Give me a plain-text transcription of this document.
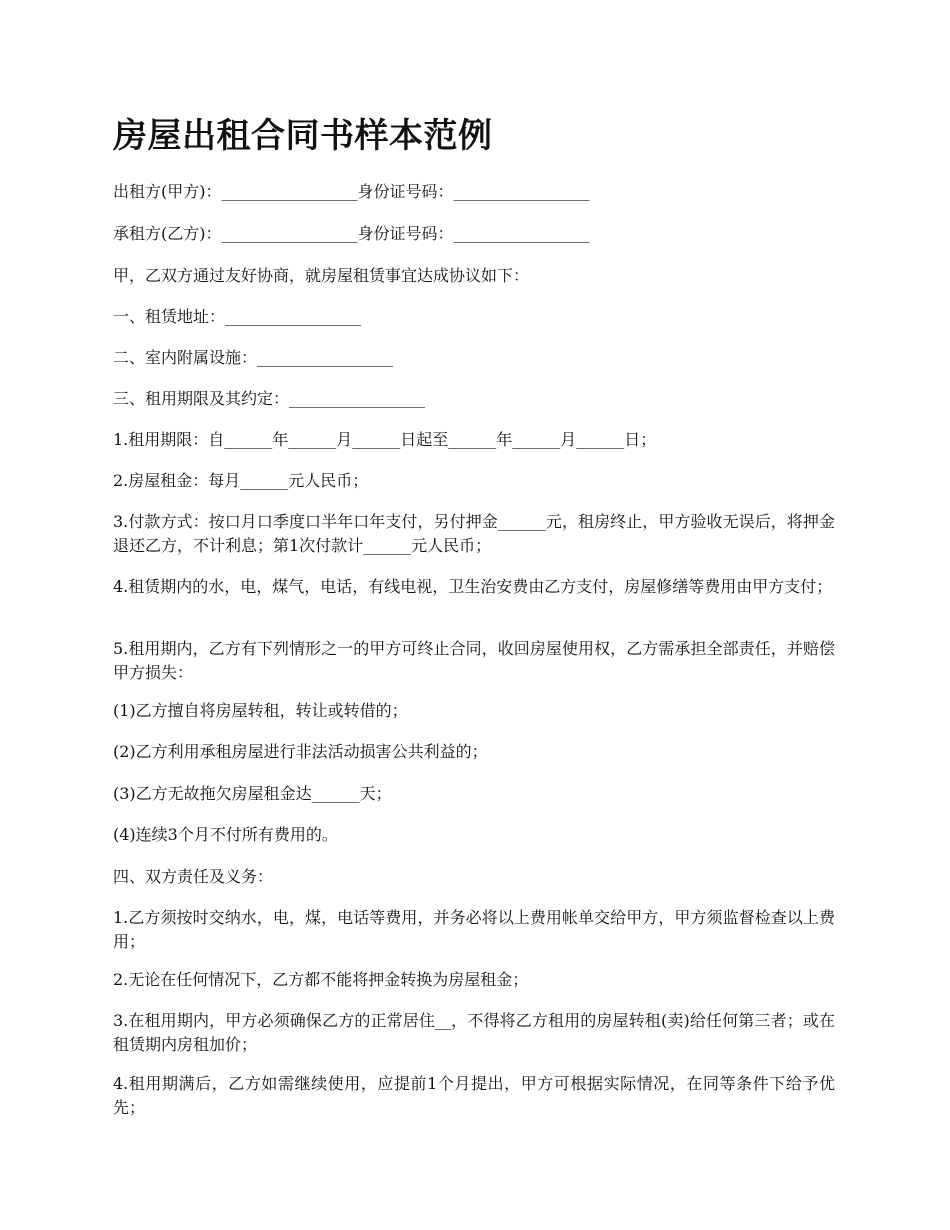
房屋出租合同书样本范例

出租方(甲方)：_________________身份证号码：_________________

承租方(乙方)：_________________身份证号码：_________________

甲，乙双方通过友好协商，就房屋租赁事宜达成协议如下：

一、租赁地址：_________________

二、室内附属设施：_________________

三、租用期限及其约定：_________________

1.租用期限：自______年______月______日起至______年______月______日；

2.房屋租金：每月______元人民币；

3.付款方式：按口月口季度口半年口年支付，另付押金______元，租房终止，甲方验收无误后，将押金退还乙方，不计利息；第1次付款计______元人民币；

4.租赁期内的水，电，煤气，电话，有线电视，卫生治安费由乙方支付，房屋修缮等费用由甲方支付；

5.租用期内，乙方有下列情形之一的甲方可终止合同，收回房屋使用权，乙方需承担全部责任，并赔偿甲方损失：

(1)乙方擅自将房屋转租，转让或转借的；

(2)乙方利用承租房屋进行非法活动损害公共利益的；

(3)乙方无故拖欠房屋租金达______天；

(4)连续3个月不付所有费用的。

四、双方责任及义务：

1.乙方须按时交纳水，电，煤，电话等费用，并务必将以上费用帐单交给甲方，甲方须监督检查以上费用；

2.无论在任何情况下，乙方都不能将押金转换为房屋租金；

3.在租用期内，甲方必须确保乙方的正常居住__，不得将乙方租用的房屋转租(卖)给任何第三者；或在租赁期内房租加价；

4.租用期满后，乙方如需继续使用，应提前1个月提出，甲方可根据实际情况，在同等条件下给予优先；
